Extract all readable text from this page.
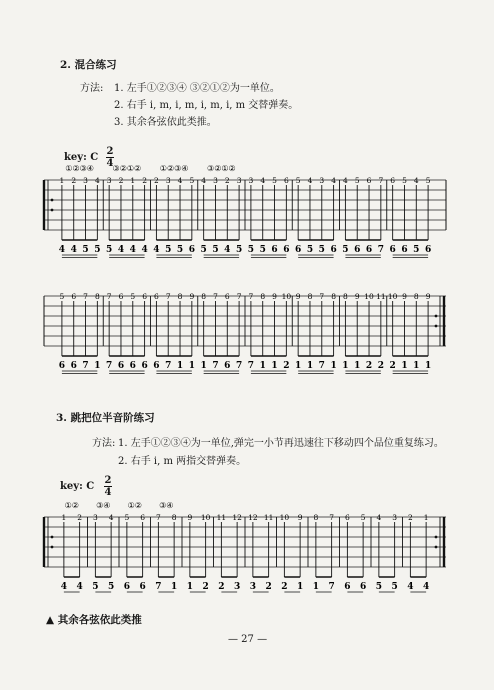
2. 混合练习
方法: 1. 左手①②③④ ③②①②为一单位。
2. 右手 i, m, i, m, i, m, i, m 交替弹奏。
3. 其余各弦依此类推。
key: C
2
4
①②③④
1
4
2
4
3
5
4
5
③②①②
3
5
2
4
1
4
2
4
①②③④
2
4
3
5
4
5
5
6
③②①②
4
5
3
5
2
4
3
5
3
5
4
5
5
6
6
6
5
6
4
5
3
5
4
6
4
5
5
6
6
6
7
7
6
6
5
6
4
5
5
6
5
6
6
6
7
7
8
1
7
7
6
6
5
6
6
6
6
6
7
7
8
1
9
1
8
1
7
7
6
6
7
7
7
7
8
1
9
1
10
2
9
1
8
1
7
7
8
1
8
1
9
1
10
2
11
2
10
2
9
1
8
1
9
1
3. 跳把位半音阶练习
方法: 1. 左手①②③④为一单位,弹完一小节再迅速往下移动四个品位重复练习。
2. 右手 i, m 两指交替弹奏。
key: C
2
4
①②
1
4
2
4
③④
3
5
4
5
①②
5
6
6
6
③④
7
7
8
1
9
1
10
2
11
2
12
3
12
3
11
2
10
2
9
1
8
1
7
7
6
6
5
6
4
5
3
5
2
4
1
4
▲ 其余各弦依此类推
— 27 —
